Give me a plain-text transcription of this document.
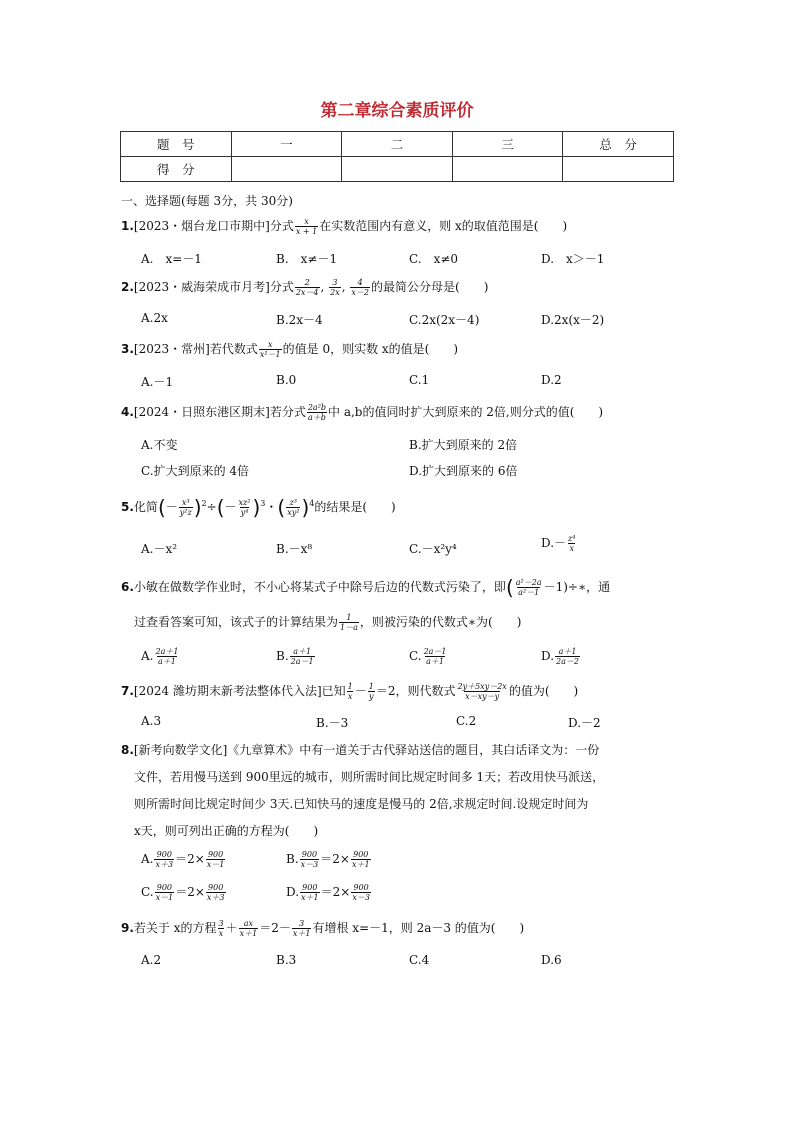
第二章综合素质评价
题　号	一	二	三	总　分
得　分				
一、选择题(每题 3分，共 30分)
1.[2023・烟台龙口市期中]分式 $\frac{x}{x + 1}$ 在实数范围内有意义，则 x的取值范围是(　　)
A.　x=－1	B.　x≠－1	C.　x≠0	D.　x＞－1
2.[2023・威海荣成市月考]分式 $\frac{2}{2x-4}$ , $\frac{3}{2x}$ , $\frac{4}{x-2}$ 的最简公分母是(　　)
A.2x	B.2x－4	C.2x(2x－4)	D.2x(x－2)
3.[2023・常州]若代数式 $\frac{x}{\text{x²－1}}$ 的值是 0，则实数 x的值是(　　)
A.－1	B.0	C.1	D.2
4.[2024・日照东港区期末]若分式 $\frac{\text{2a²b}}{a+b}$ 中 a,b的值同时扩大到原来的 2倍,则分式的值(　　)
A.不变	B.扩大到原来的 2倍
C.扩大到原来的 4倍	D.扩大到原来的 6倍
5.化简(－ $\frac{\text{x³}}{\text{y²z}} )^2\div(- \frac{\text{xz²}}{\text{y⁴}} )^3$・( $\frac{\text{z³}}{\text{xy²}} )^4$的结果是(　　)
A.－x²	B.－x⁸	C.－x²y⁴	$D.- \frac{\text{z⁴}}{x}$
6.小敏在做数学作业时，不小心将某式子中除号后边的代数式污染了，即( $\frac{\text{a²－2a}}{\text{a²－1}}$ －1)÷∗，通
过查看答案可知，该式子的计算结果为 $\frac{1}{1-a}$ ，则被污染的代数式∗为(　　)
A. $\frac{2a+1}{a+1}$	B. $\frac{a+1}{2a-1}$	C. $\frac{2a-1}{a+1}$	D. $\frac{a+1}{2a-2}$
7.[2024 潍坊期末新考法整体代入法]已知 $\frac{1}{x} - \frac{1}{y} =2$，则代数式 $\frac{2y+5xy-2x}{x-xy-y}$ 的值为(　　)
A.3	B.－3	C.2	D.－2
8.[新考向数学文化]《九章算术》中有一道关于古代驿站送信的题目，其白话译文为：一份
文件，若用慢马送到 900里远的城市，则所需时间比规定时间多 1天；若改用快马派送，
则所需时间比规定时间少 3天.已知快马的速度是慢马的 2倍,求规定时间.设规定时间为
x天，则可列出正确的方程为(　　)
A. $\frac{900}{x+3} =2\times \frac{900}{x-1}$	B. $\frac{900}{x-3} =2\times \frac{900}{x+1}$
C. $\frac{900}{x-1} =2\times \frac{900}{x+3}$	D. $\frac{900}{x+1} =2\times \frac{900}{x-3}$
9.若关于 x的方程 $\frac{3}{x} + \frac{ax}{x+1} =2- \frac{3}{x+1}$ 有增根 x=－1，则 2a－3 的值为(　　)
A.2	B.3	C.4	D.6
